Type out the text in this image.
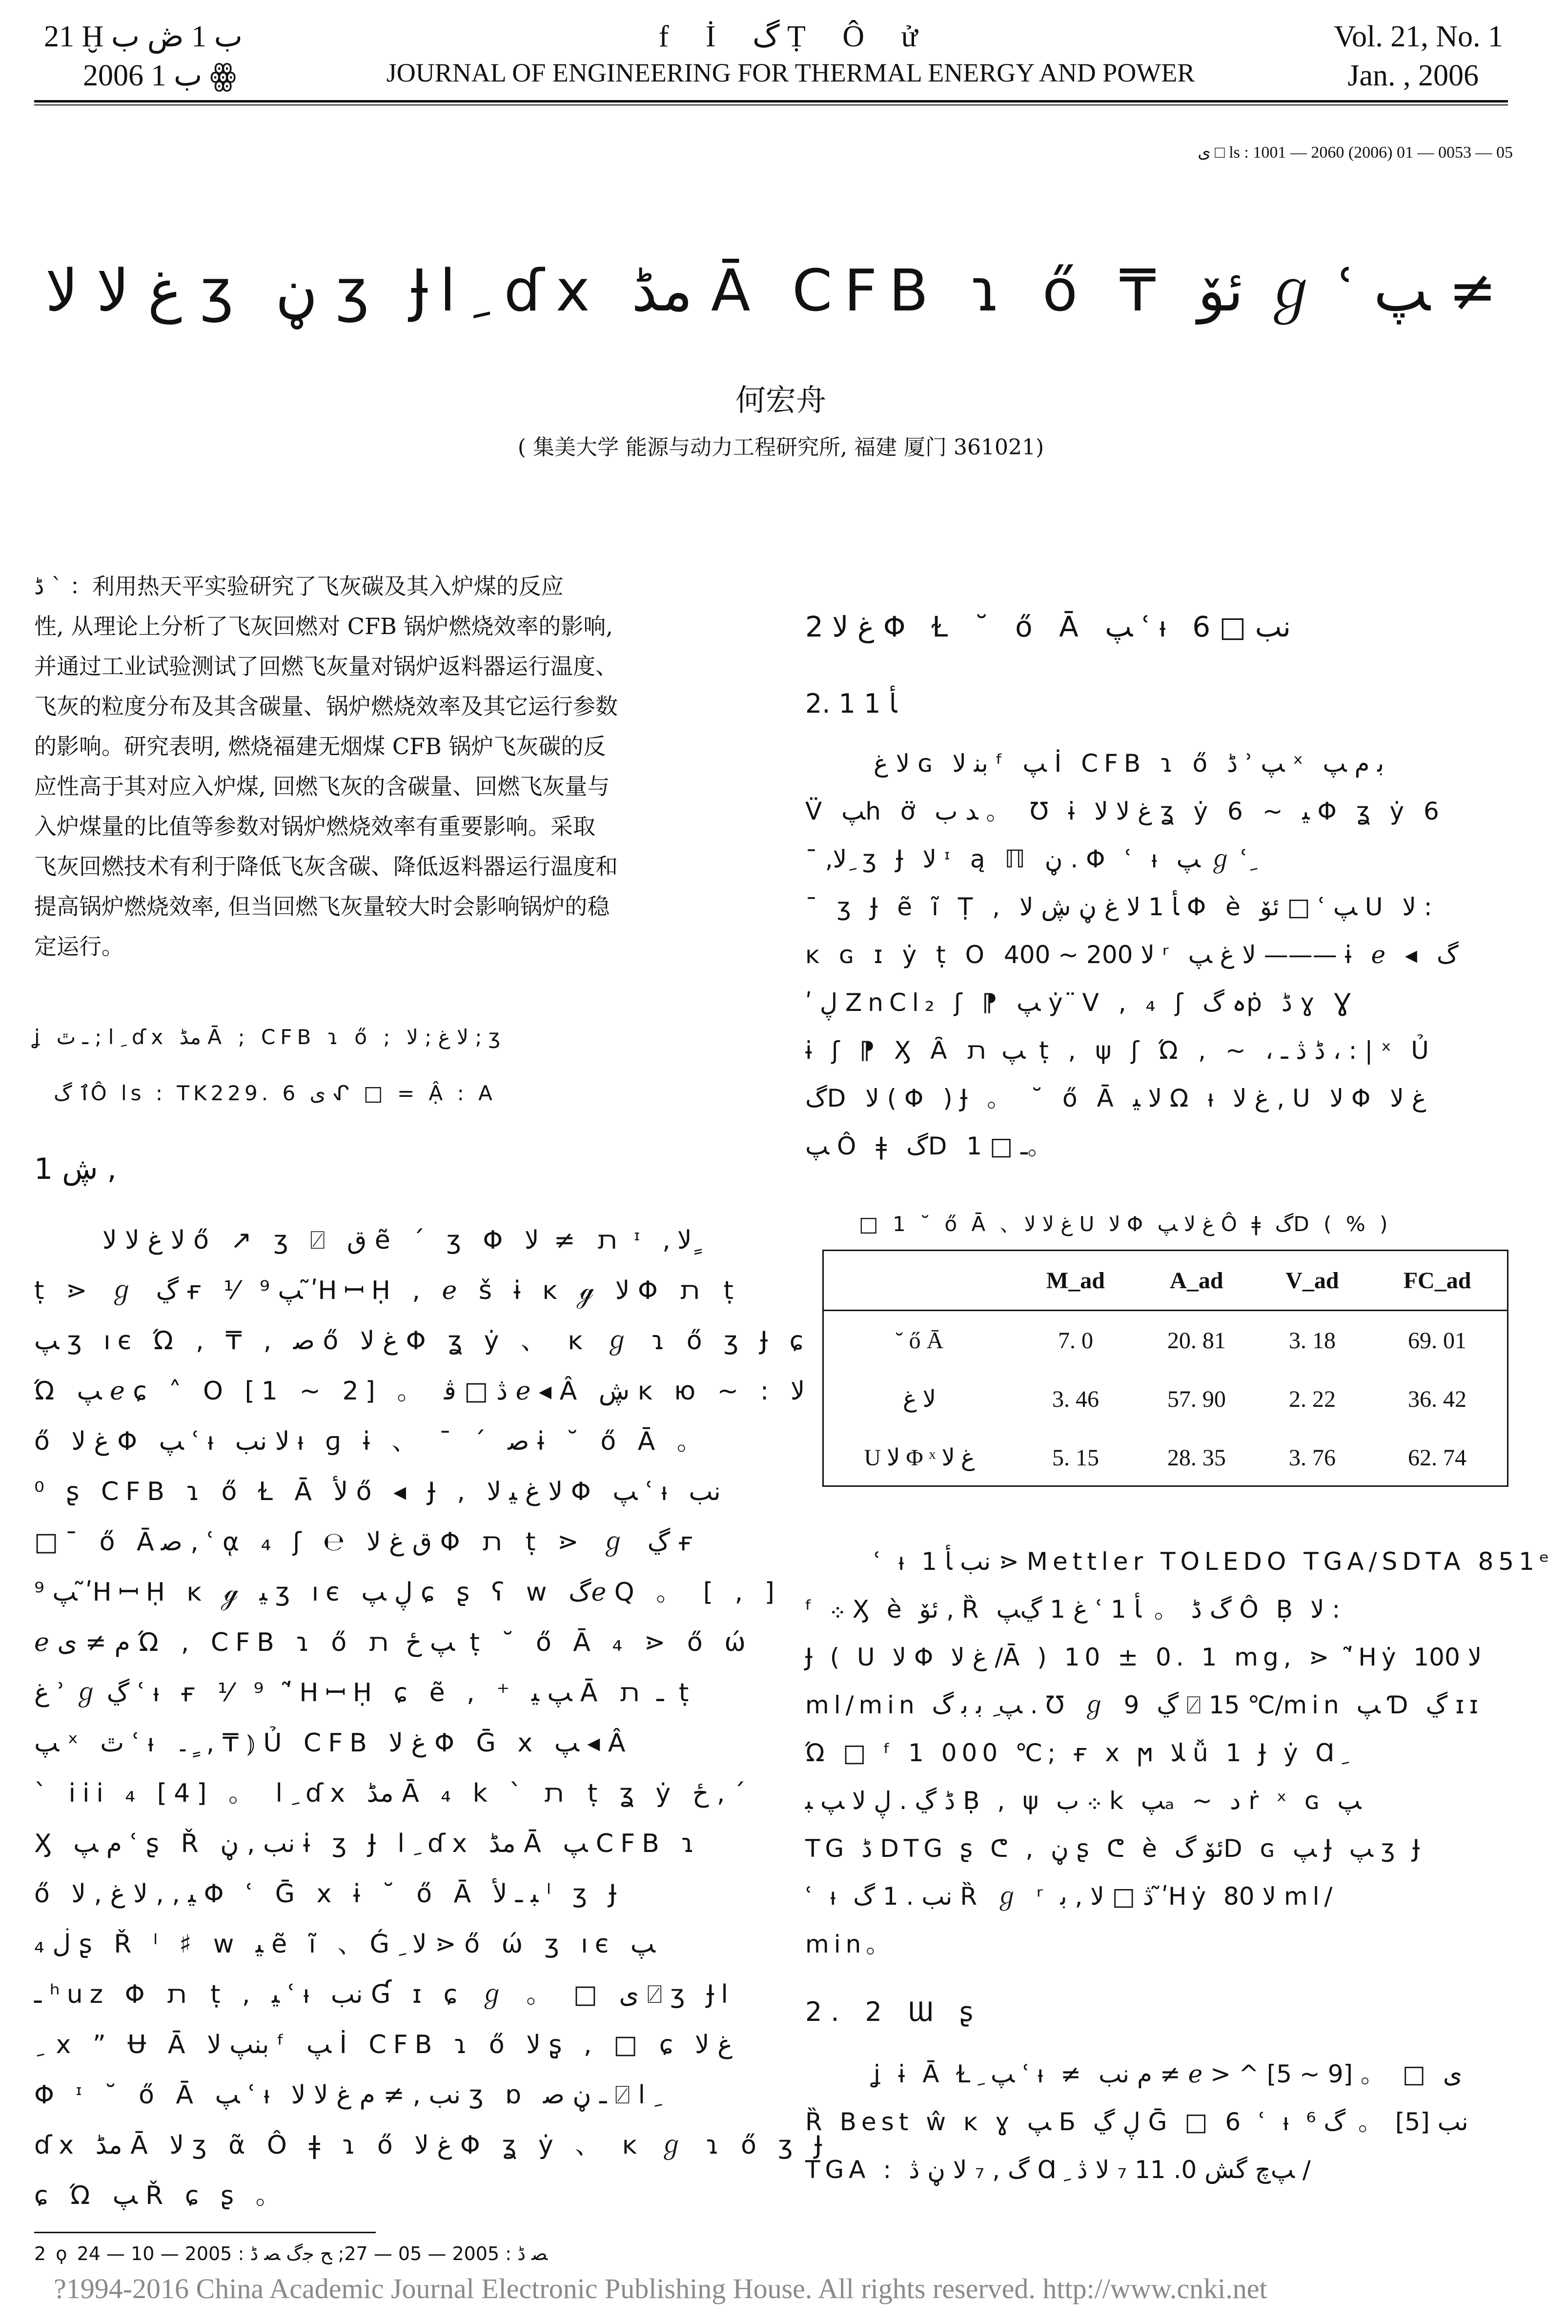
21 Ḫ ب 1 ڞ ب
2006 ب 1 ꙮ
f İ گ Ṭ Ô ử
JOURNAL OF ENGINEERING FOR THERMAL ENERGY AND POWER
Vol. 21, No. 1
Jan. , 2006
ى □ ls : 1001 — 2060 (2006) 01 — 0053 — 05
غ ﻻ ﻻ ʒ ڼ ʒ Ɉl ِ ɗx مڈ Ā CFB ɿ ő ₸ ئۆ ℊ ʿ ﭗ ≠
何宏舟
( 集美大学 能源与动力工程研究所, 福建 厦门 361021)
ڈ ˋ ：利用热天平实验研究了飞灰碳及其入炉煤的反应
性, 从理论上分析了飞灰回燃对 CFB 锅炉燃烧效率的影响,
并通过工业试验测试了回燃飞灰量对锅炉返料器运行温度、
飞灰的粒度分布及其含碳量、锅炉燃烧效率及其它运行参数
的影响。研究表明, 燃烧福建无烟煤 CFB 锅炉飞灰碳的反
应性高于其对应入炉煤, 回燃飞灰的含碳量、回燃飞灰量与
入炉煤量的比值等参数对锅炉燃烧效率有重要影响。采取
飞灰回燃技术有利于降低飞灰含碳、降低返料器运行温度和
提高锅炉燃烧效率, 但当回燃飞灰量较大时会影响锅炉的稳
定运行。
ʝ ـ ٿ ; l ِ ɗx مڈ Ā ; CFB ɿ ő ; ﻻ غ ; ﻻ ; ʒ
ٱ گÔ ls : TK229. 6 ى ᖋ □ = Ậ : A
1 ڜ ,
ﻻ غ ﻻ ﻻ ő ↗ ʒ ⍁ ق ẽ ˊ ʒ Φ ﬨ ≠ ﻻ ᶦ ,ﻻ ٍ
ṭ ⋗ ℊ ڲ ғ ⅟ ﭗ ⁹ ʹ̃HꟷḤ , ℯ š ɨ ĸ ℊ ﻻ Φ ﬨ ṭ
ﭗ ʒ ıє Ώ , ₸ , ﺻ ő غ ﻻ Φ ʓ ẏ 、 ĸ ℊ ɿ ő ʒ Ɉ ɕ
Ώ ﭗ ℯ ɕ ˄ О [1 ~ 2] 。 ڎ □ ﭬ ℯ ◂ Â ڜ ĸ ю ~ : ﻻ
ő غ ﻻ Φ ﭗ ʿ ᵼ ﻻ ﻧﺐ ᵼ ɡ ɨ 、 ˉ ˊ ﺻ ɨ ˘ ő Ā 。
⁰ ʂ CFB ɿ ő Ɫ Ā ﻷ ő ◂ Ɉ , ﻻ غ ﯿ ﻻ Φ ﭗ ʿ ᵼ ﻧﺐ
□ˉ ő Āﺻ , ʿ ᾳ ₄ ʃ ℮ ق غ ﻻ Φ ﬨ ṭ ⋗ ℊ ڲ ғ
ﭗ ⁹ ʹ̃HꟷḤ ĸ ℊ ﯿ ʒ ıє ڸ ﭗ ɕ ʂ ʕ w گℯ Q 。 [ , ]
ℯ ﻡ ≠ ى Ώ , CFB ɿ ő ﭗ ځ ﬨ ṭ ˘ ő Ā ₄ ⋗ ő ώ
ﻍ ʾ ℊ ڲ ʿ ᵼ ғ ⅟ ⁹ ʹ̃HꟷḤ ɕ ẽ , ⁺ ﭗ ﯿ Ā ـ ﬨ ṭ
ﭗ ˣ ٿ ʿ ᵼ ۔ ٍ , ₸ ⦆ Ủ CFB غ ﻻ Φ Ḡ x ﭗ ◂ Â
ˋ iii ₄ [4] 。 l ِ ɗx مڈ Ā ₄ k ˋ ﬨ ṭ ʓ ẏ ځ , ˊ
Ӽ ﻡ ﭗ ʿ ʂ Ř ﻧﺐ , ڼ ɨ ʒ Ɉ l ِ ɗx مڈ Ā ﭗ CFB ɿ
ő ﯿ , , ﻻ غ , ﻻ Φ ʿ Ḡ x ɨ ˘ ő Ā ﺒ ـ ﻷ ˡ ʒ Ɉ
ڶ ₄ ʂ Ř ˡ ♯ w ﯿ ẽ ĩ 、Ǵ ِ ﻻ ⋗ ő ώ ʒ ıє ﭗ
ـ ʰuz Φ ﬨ ṭ , ﯿ ʿ ᵼ ﻧﺐ Ɠ ɪ ɕ ℊ 。 □ ى ⍁ ʒ Ɉl
ِ x ” Ʉ Ā ﺑﻨﭗ ﻻ ᶠ ﭗ İ CFB ɿ ő ﻻ ʂ̧ , □ ɕ غ ﻻ
Φ ᶦ ˘ ő Ā ﭗ ʿ ᵼ ﻧﺐ , ≠ ﻡ غ ﻻ ﻻ ʒ ɒ ـ ڼ ﺻ ⍁ l ِ
ɗx مڈ Ā ﻻ ʒ ᾶ Ô ǂ ɿ ő غ ﻻ Φ ʓ ẏ 、 ĸ ℊ ɿ ő ʒ Ɉ
ɕ Ώ ﭗ Ř ɕ ʂ 。
2 غ ﻻ Φ Ɫ ˘ ő Ā ﭗ ʿ ᵼ ﻧﺐ □ 6
2. 1 ﺄ 1
ﻻ غ ɢ ﺑﻨ ﻻ ᶠ ﭗ İ CFB ɿ ő ڈ ʾ ﭗ ˣ ﺑ ﻡ ﭗ
V̈ ﭗh ơ̈ ﺪ ﺏ 。 Ʊ ɨ غ ﻻ ﻻ ʓ ẏ 6 ~ ﯿ Φ ʓ ẏ 6
ˉ ,ﻻ ِ ʒ Ɉ ﻻ ᶦ ą ℿ ڼ . Φ ʿ ᵼ ﭗ ℊ ʿ ِ
ˉ ʒ Ɉ ẽ ĩ Ṭ , ﺄ 1 ﻻ غ ڼ ڜ ﻻ Φ è ئۆ □ ʿ ﭗ U ﻻ :
ĸ ɢ ɪ ẏ ṭ О ﻻ 200 ~ 400 ʳ ﻻ غ ﭗ ——— ɨ ℯ ◂ گ
ʹ ڸ ZnCl₂ ʃ ⁋ ﭗ ẏ ̈V , ₄ ʃ ہ گṗ ڈ ɣ Ɣ
ɨ ʃ ⁋ Ӽ Ȃ ﭗ ﬨ ṭ , ψ ʃ Ώ , ~ ، ڈ ڎ ـ ، : | ˣ Ủ
گD ﻻ ( Φ ) Ɉ 。 ˘ ő Ā ﻻ ﯿ Ω ᵼ غ ﻻ , U ﻻ Φ غ ﻻ
ﭗ Ô ǂ گD ـ □ 1。
□ 1 ˘ ő Ā 、غ ﻻ ﻻ U ﻻ Φ غ ﻻ ﭗ Ô ǂ گD ( % )
	M_ad	A_ad	V_ad	FC_ad
˘ ő Ā	7. 0	20. 81	3. 18	69. 01
ﻻ غ	3. 46	57. 90	2. 22	36. 42
U ﻻ Φ ˣ غ ﻻ	5. 15	28. 35	3. 76	62. 74
ʿ ᵼ ﻧﺐ ﺄ 1 ⋗ Mettler TOLEDO TGA/SDTA 851ᵉ
ᶠ ܀ Ӽ è ئۆ , Ȑ ﻍ 1 ڲﭗ ʿ گ ڈ 。 ﺄ 1 Ô Ḅ ﻻ :
Ɉ ( U ﻻ Φ غ ﻻ /Ā ) 10 ± 0. 1 mg, ⋗ ʹ̃Hẏ ﻻ 100
ml/min ﭗ ِ ﺑ ﺑ گ . Ʊ ℊ 9 ڲ ⍁ 15 ℃/min ﭗ Ɗ ڲ ɪɪ
Ώ □ ᶠ 1 000 ℃; ғ x ϻ ﻼ ǚ 1 Ɉ ẏ Ɑ ِ
ڈ ڲ . ڸ ﻻ ﭗ ﺒ Ḅ , ψ ܀ ﺏ k ﭗₐ ~ ﺩ ṙ ˣ ɢ ﭗ
TG ڈ DTG ʂ ᕦ , ڼ ʂ ᕦ è ئۆ گD ɢ ﭗ Ɉ ﭗ ʒ Ɉ
ʿ ᵼ ﻧﺐ . 1 گ Ȑ ℊ ʳ ڎ □ ﻻ , ﺑ ʹ̃Hẏ ﻻ 80 ml/
min。
2. 2 Ɯ ʂ
ʝ ɨ Ā Ɫ ِ ﭗ ʿ ᵼ ≠ ﻡ ﻧﺐ ≠ ℯ > ^ [5 ~ 9] 。 □ ى
Ȑ Best ŵ ĸ ɣ ﭗ Б ڸ ڲ Ḡ □ 6 ʿ ᵼ ﻧﺐ [5] 。 گ ⁶
TGA : گ , ₇ ﻻ ڼ ڎ Ɑ ِ ﭗچ گش 0. 11 ₇ ﻻ ڎ /
2 ϙ ﺼ ڈ : 2005 — 05 — 27; ﺢ ﺟگ ﺼ ڈ : 2005 — 10 — 24
?1994-2016 China Academic Journal Electronic Publishing House. All rights reserved. http://www.cnki.net
